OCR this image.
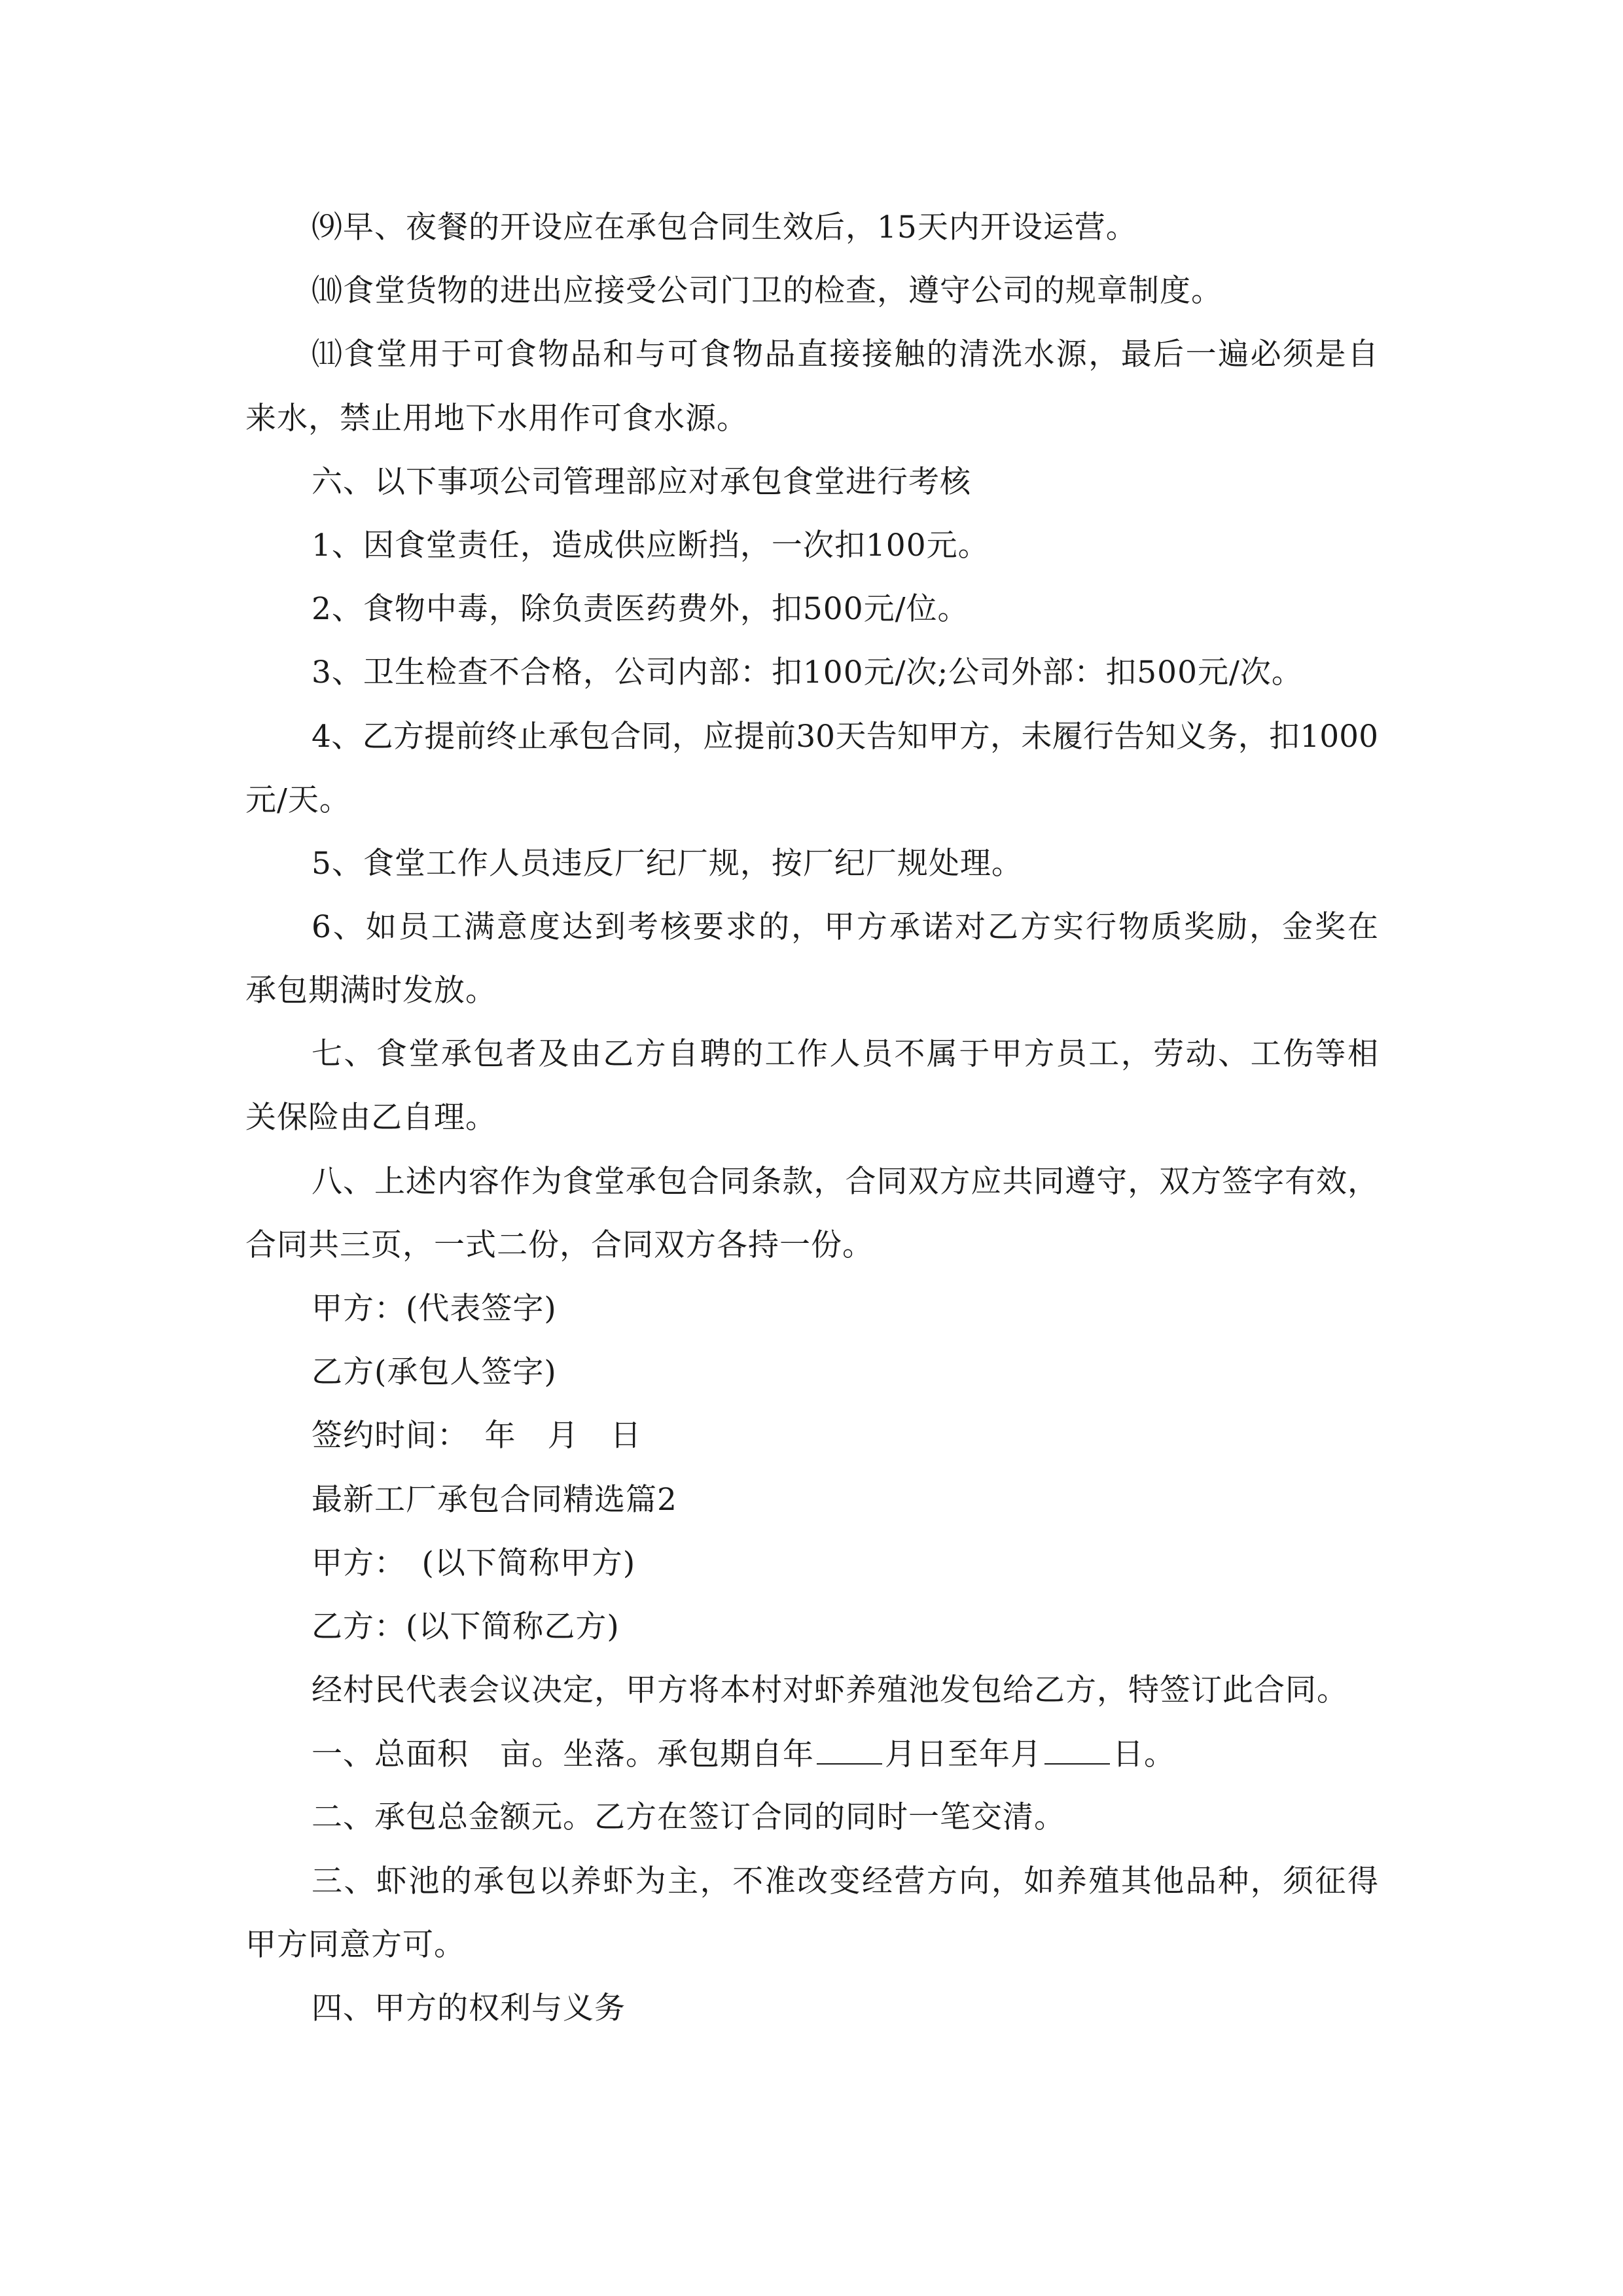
⑼早、夜餐的开设应在承包合同生效后，15天内开设运营。
⑽食堂货物的进出应接受公司门卫的检查，遵守公司的规章制度。
⑾食堂用于可食物品和与可食物品直接接触的清洗水源，最后一遍必须是自
来水，禁止用地下水用作可食水源。
六、以下事项公司管理部应对承包食堂进行考核
1、因食堂责任，造成供应断挡，一次扣100元。
2、食物中毒，除负责医药费外，扣500元/位。
3、卫生检查不合格，公司内部：扣100元/次;公司外部：扣500元/次。
4、乙方提前终止承包合同，应提前30天告知甲方，未履行告知义务，扣1000
元/天。
5、食堂工作人员违反厂纪厂规，按厂纪厂规处理。
6、如员工满意度达到考核要求的，甲方承诺对乙方实行物质奖励，金奖在
承包期满时发放。
七、食堂承包者及由乙方自聘的工作人员不属于甲方员工，劳动、工伤等相
关保险由乙自理。
八、上述内容作为食堂承包合同条款，合同双方应共同遵守，双方签字有效，
合同共三页，一式二份，合同双方各持一份。
甲方：(代表签字)
乙方(承包人签字)
签约时间：　年　月　日
最新工厂承包合同精选篇2
甲方：　(以下简称甲方)
乙方：(以下简称乙方)
经村民代表会议决定，甲方将本村对虾养殖池发包给乙方，特签订此合同。
一、总面积　亩。坐落。承包期自年 月日至年月 日。
二、承包总金额元。乙方在签订合同的同时一笔交清。
三、虾池的承包以养虾为主，不准改变经营方向，如养殖其他品种，须征得
甲方同意方可。
四、甲方的权利与义务
